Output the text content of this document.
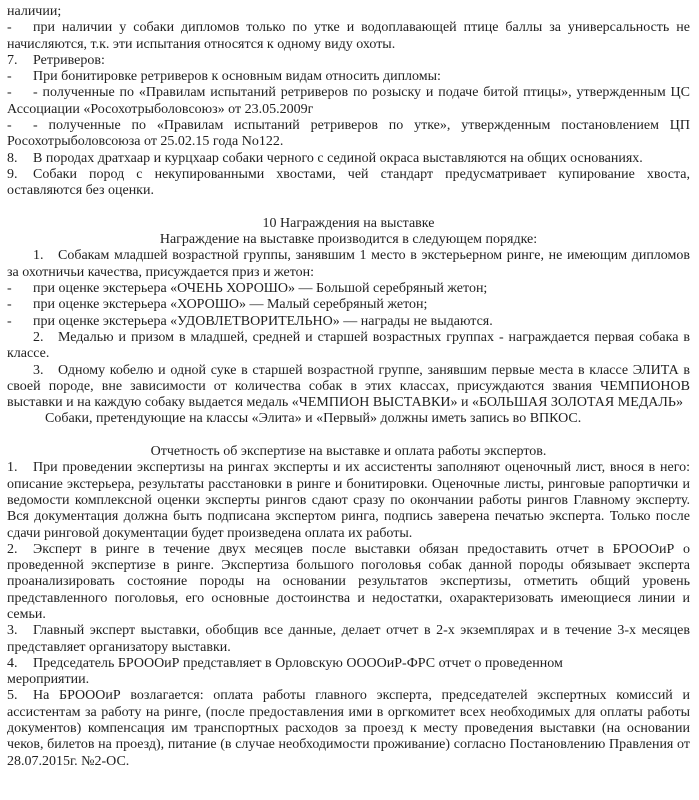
наличии;

- при наличии у собаки дипломов только по утке и водоплавающей птице баллы за универсальность не начисляются, т.к. эти испытания относятся к одному виду охоты.

7. Ретриверов:

- При бонитировке ретриверов к основным видам относить дипломы:

- - полученные по «Правилам испытаний ретриверов по розыску и подаче битой птицы», утвержденным ЦС Ассоциации «Росохотрыболовсоюз» от 23.05.2009г

- - полученные по «Правилам испытаний ретриверов по утке», утвержденным постановлением ЦП Росохотрыболовсоюза от 25.02.15 года No122.

8. В породах дратхаар и курцхаар собаки черного с сединой окраса выставляются на общих основаниях.

9. Собаки пород с некупированными хвостами, чей стандарт предусматривает купирование хвоста, оставляются без оценки.

10 Награждения на выставке

Награждение на выставке производится в следующем порядке:

1. Собакам младшей возрастной группы, занявшим 1 место в экстерьерном ринге, не имеющим дипломов за охотничьи качества, присуждается приз и жетон:

- при оценке экстерьера «ОЧЕНЬ ХОРОШО» — Большой серебряный жетон;

- при оценке экстерьера «ХОРОШО» — Малый серебряный жетон;

- при оценке экстерьера «УДОВЛЕТВОРИТЕЛЬНО» — награды не выдаются.

2. Медалью и призом в младшей, средней и старшей возрастных группах - награждается первая собака в классе.

3. Одному кобелю и одной суке в старшей возрастной группе, занявшим первые места в классе ЭЛИТА в своей породе, вне зависимости от количества собак в этих классах, присуждаются звания ЧЕМПИОНОВ выставки и на каждую собаку выдается медаль «ЧЕМПИОН ВЫСТАВКИ» и «БОЛЬШАЯ ЗОЛОТАЯ МЕДАЛЬ»

Собаки, претендующие на классы «Элита» и «Первый» должны иметь запись во ВПКОС.

Отчетность об экспертизе на выставке и оплата работы экспертов.

1. При проведении экспертизы на рингах эксперты и их ассистенты заполняют оценочный лист, внося в него: описание экстерьера, результаты расстановки в ринге и бонитировки. Оценочные листы, ринговые рапортички и ведомости комплексной оценки эксперты рингов сдают сразу по окончании работы рингов Главному эксперту. Вся документация должна быть подписана экспертом ринга, подпись заверена печатью эксперта. Только после сдачи ринговой документации будет произведена оплата их работы.

2. Эксперт в ринге в течение двух месяцев после выставки обязан предоставить отчет в БРОООиР о проведенной экспертизе в ринге. Экспертиза большого поголовья собак данной породы обязывает эксперта проанализировать состояние породы на основании результатов экспертизы, отметить общий уровень представленного поголовья, его основные достоинства и недостатки, охарактеризовать имеющиеся линии и семьи.

3. Главный эксперт выставки, обобщив все данные, делает отчет в 2-х экземплярах и в течение 3-х месяцев представляет организатору выставки.

4. Председатель БРОООиР представляет в Орловскую ООООиР-ФРС отчет о проведенном

мероприятии.

5. На БРОООиР возлагается: оплата работы главного эксперта, председателей экспертных комиссий и ассистентам за работу на ринге, (после предоставления ими в оргкомитет всех необходимых для оплаты работы документов) компенсация им транспортных расходов за проезд к месту проведения выставки (на основании чеков, билетов на проезд), питание (в случае необходимости проживание) согласно Постановлению Правления от 28.07.2015г. №2-ОС.
